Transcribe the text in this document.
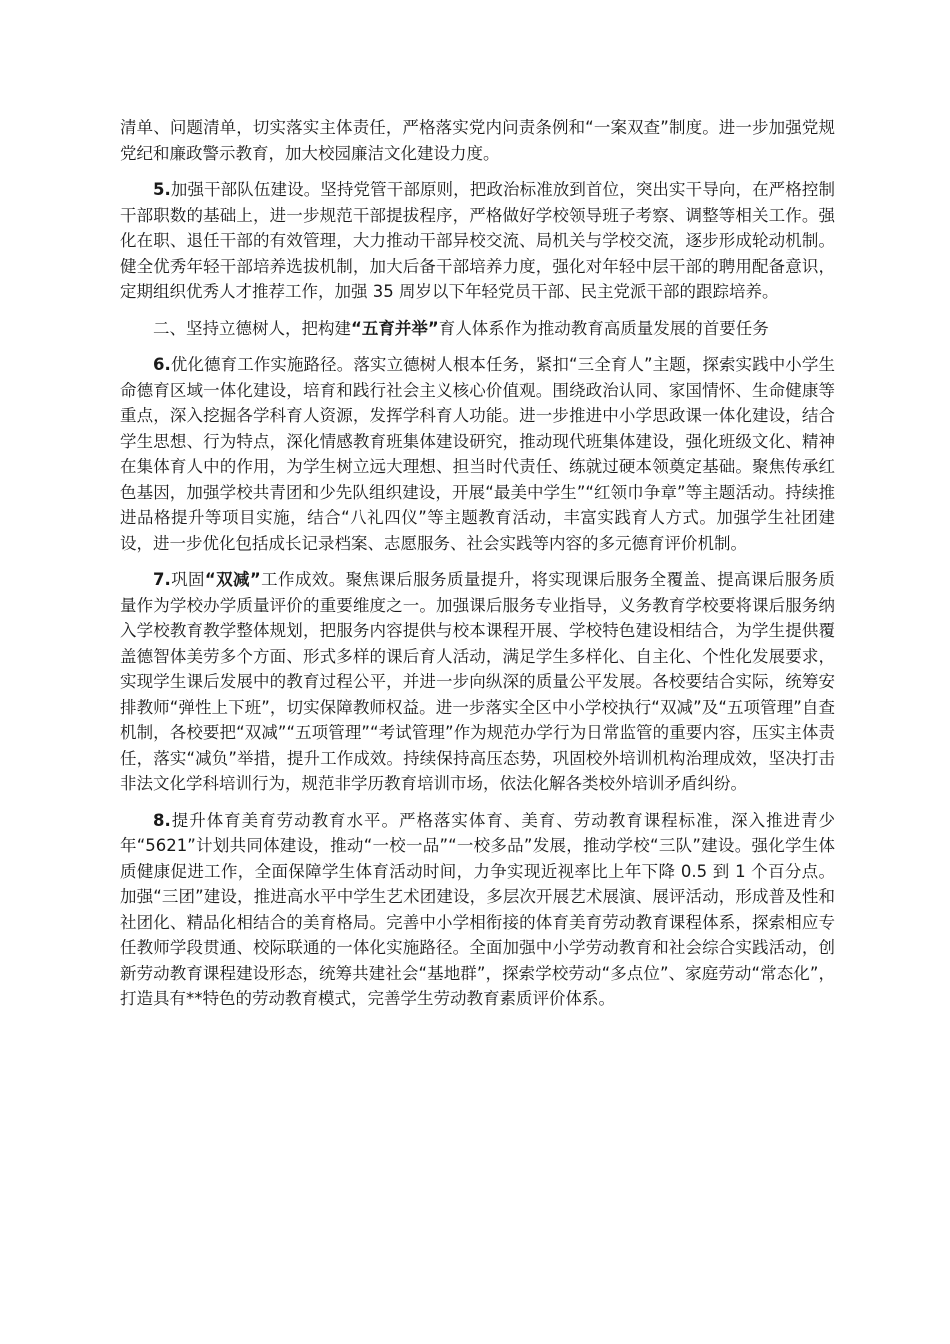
清单、问题清单，切实落实主体责任，严格落实党内问责条例和“一案双查”制度。进一步加强党规党纪和廉政警示教育，加大校园廉洁文化建设力度。

5.加强干部队伍建设。坚持党管干部原则，把政治标准放到首位，突出实干导向，在严格控制干部职数的基础上，进一步规范干部提拔程序，严格做好学校领导班子考察、调整等相关工作。强化在职、退任干部的有效管理，大力推动干部异校交流、局机关与学校交流，逐步形成轮动机制。健全优秀年轻干部培养选拔机制，加大后备干部培养力度，强化对年轻中层干部的聘用配备意识，定期组织优秀人才推荐工作，加强 35 周岁以下年轻党员干部、民主党派干部的跟踪培养。

二、坚持立德树人，把构建“五育并举”育人体系作为推动教育高质量发展的首要任务

6.优化德育工作实施路径。落实立德树人根本任务，紧扣“三全育人”主题，探索实践中小学生命德育区域一体化建设，培育和践行社会主义核心价值观。围绕政治认同、家国情怀、生命健康等重点，深入挖掘各学科育人资源，发挥学科育人功能。进一步推进中小学思政课一体化建设，结合学生思想、行为特点，深化情感教育班集体建设研究，推动现代班集体建设，强化班级文化、精神在集体育人中的作用，为学生树立远大理想、担当时代责任、练就过硬本领奠定基础。聚焦传承红色基因，加强学校共青团和少先队组织建设，开展“最美中学生”“红领巾争章”等主题活动。持续推进品格提升等项目实施，结合“八礼四仪”等主题教育活动，丰富实践育人方式。加强学生社团建设，进一步优化包括成长记录档案、志愿服务、社会实践等内容的多元德育评价机制。

7.巩固“双减”工作成效。聚焦课后服务质量提升，将实现课后服务全覆盖、提高课后服务质量作为学校办学质量评价的重要维度之一。加强课后服务专业指导，义务教育学校要将课后服务纳入学校教育教学整体规划，把服务内容提供与校本课程开展、学校特色建设相结合，为学生提供覆盖德智体美劳多个方面、形式多样的课后育人活动，满足学生多样化、自主化、个性化发展要求，实现学生课后发展中的教育过程公平，并进一步向纵深的质量公平发展。各校要结合实际，统筹安排教师“弹性上下班”，切实保障教师权益。进一步落实全区中小学校执行“双减”及“五项管理”自查机制，各校要把“双减”“五项管理”“考试管理”作为规范办学行为日常监管的重要内容，压实主体责任，落实“减负”举措，提升工作成效。持续保持高压态势，巩固校外培训机构治理成效，坚决打击非法文化学科培训行为，规范非学历教育培训市场，依法化解各类校外培训矛盾纠纷。

8.提升体育美育劳动教育水平。严格落实体育、美育、劳动教育课程标准，深入推进青少年“5621”计划共同体建设，推动“一校一品”“一校多品”发展，推动学校“三队”建设。强化学生体质健康促进工作，全面保障学生体育活动时间，力争实现近视率比上年下降 0.5 到 1 个百分点。加强“三团”建设，推进高水平中学生艺术团建设，多层次开展艺术展演、展评活动，形成普及性和社团化、精品化相结合的美育格局。完善中小学相衔接的体育美育劳动教育课程体系，探索相应专任教师学段贯通、校际联通的一体化实施路径。全面加强中小学劳动教育和社会综合实践活动，创新劳动教育课程建设形态，统筹共建社会“基地群”，探索学校劳动“多点位”、家庭劳动“常态化”，打造具有**特色的劳动教育模式，完善学生劳动教育素质评价体系。
